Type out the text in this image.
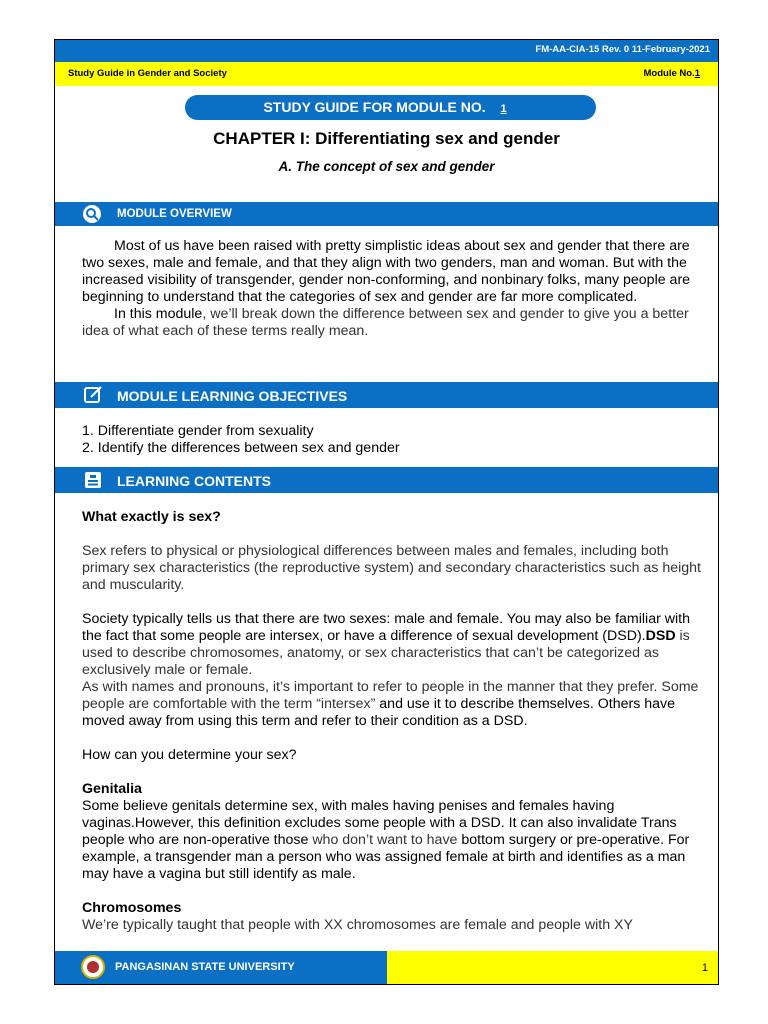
FM-AA-CIA-15 Rev. 0 11-February-2021
Study Guide in Gender and Society	Module No.1
STUDY GUIDE FOR MODULE NO. 1
CHAPTER I: Differentiating sex and gender
A. The concept of sex and gender
MODULE OVERVIEW

Most of us have been raised with pretty simplistic ideas about sex and gender that there are two sexes, male and female, and that they align with two genders, man and woman. But with the increased visibility of transgender, gender non-conforming, and nonbinary folks, many people are beginning to understand that the categories of sex and gender are far more complicated.

In this module, we’ll break down the difference between sex and gender to give you a better idea of what each of these terms really mean.

MODULE LEARNING OBJECTIVES

1. Differentiate gender from sexuality

2. Identify the differences between sex and gender

LEARNING CONTENTS

What exactly is sex?

Sex refers to physical or physiological differences between males and females, including both primary sex characteristics (the reproductive system) and secondary characteristics such as height and muscularity.

Society typically tells us that there are two sexes: male and female. You may also be familiar with the fact that some people are intersex, or have a difference of sexual development (DSD).DSD is used to describe chromosomes, anatomy, or sex characteristics that can’t be categorized as exclusively male or female.

As with names and pronouns, it’s important to refer to people in the manner that they prefer. Some people are comfortable with the term “intersex” and use it to describe themselves. Others have moved away from using this term and refer to their condition as a DSD.

How can you determine your sex?

Genitalia

Some believe genitals determine sex, with males having penises and females having vaginas.However, this definition excludes some people with a DSD. It can also invalidate Trans people who are non-operative those who don’t want to have bottom surgery or pre-operative. For example, a transgender man a person who was assigned female at birth and identifies as a man may have a vagina but still identify as male.

Chromosomes

We’re typically taught that people with XX chromosomes are female and people with XY

PANGASINAN STATE UNIVERSITY	1
